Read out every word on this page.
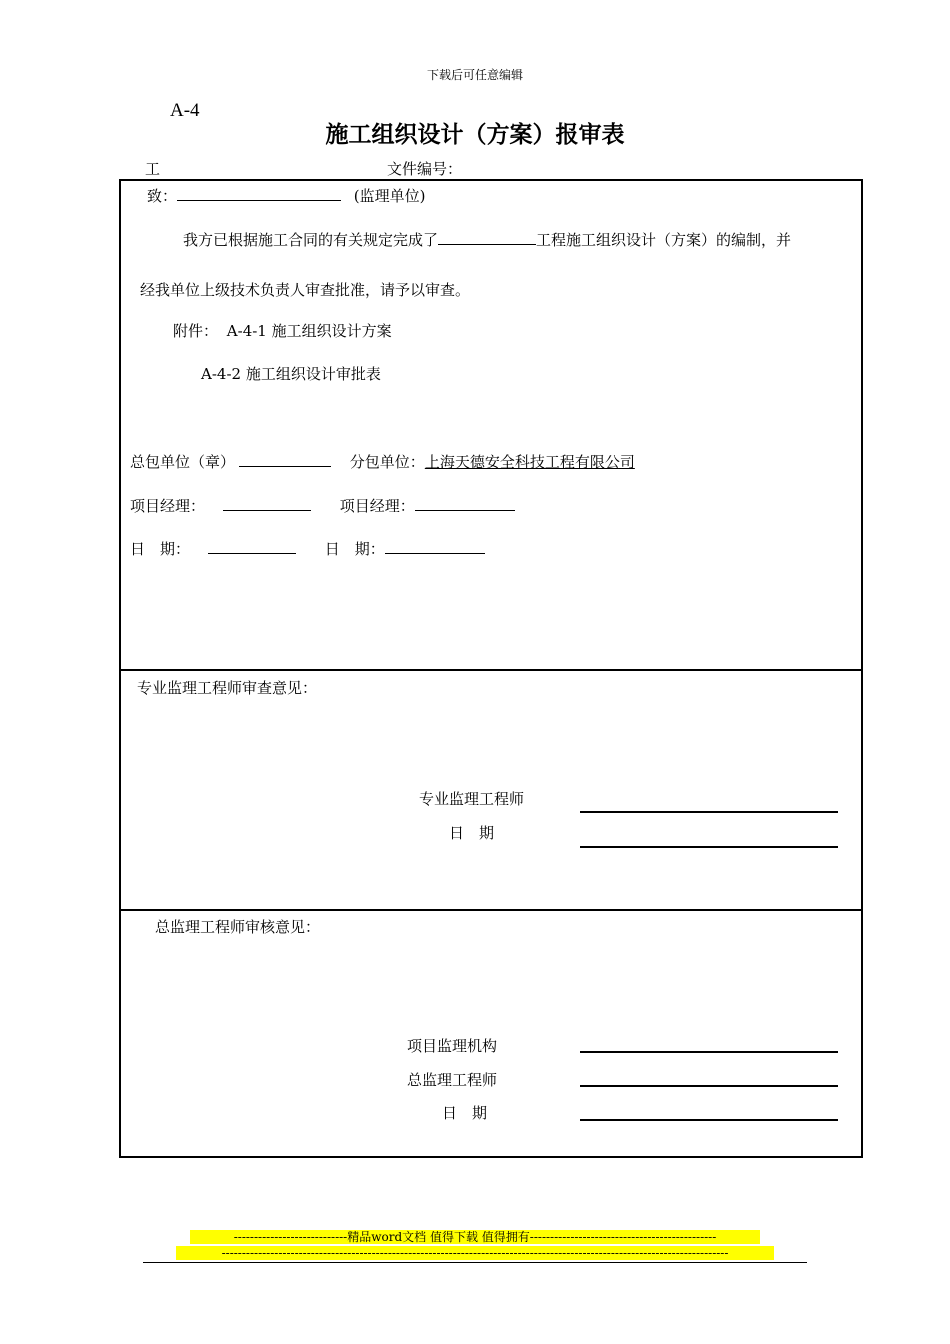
下载后可任意编辑
A-4
施工组织设计（方案）报审表
工	文件编号：
致：	(监理单位)
我方已根据施工合同的有关规定完成了	工程施工组织设计（方案）的编制，并
经我单位上级技术负责人审查批准，请予以审查。
附件： A-4-1 施工组织设计方案
A-4-2 施工组织设计审批表
总包单位（章）	分包单位：上海天德安全科技工程有限公司
项目经理：	项目经理：
日　期：	日　期：
专业监理工程师审查意见：
专业监理工程师
日　期
总监理工程师审核意见：
项目监理机构
总监理工程师
日　期
----------------------------精品word文档 值得下载 值得拥有----------------------------------------------
-----------------------------------------------------------------------------------------------------------------------------
